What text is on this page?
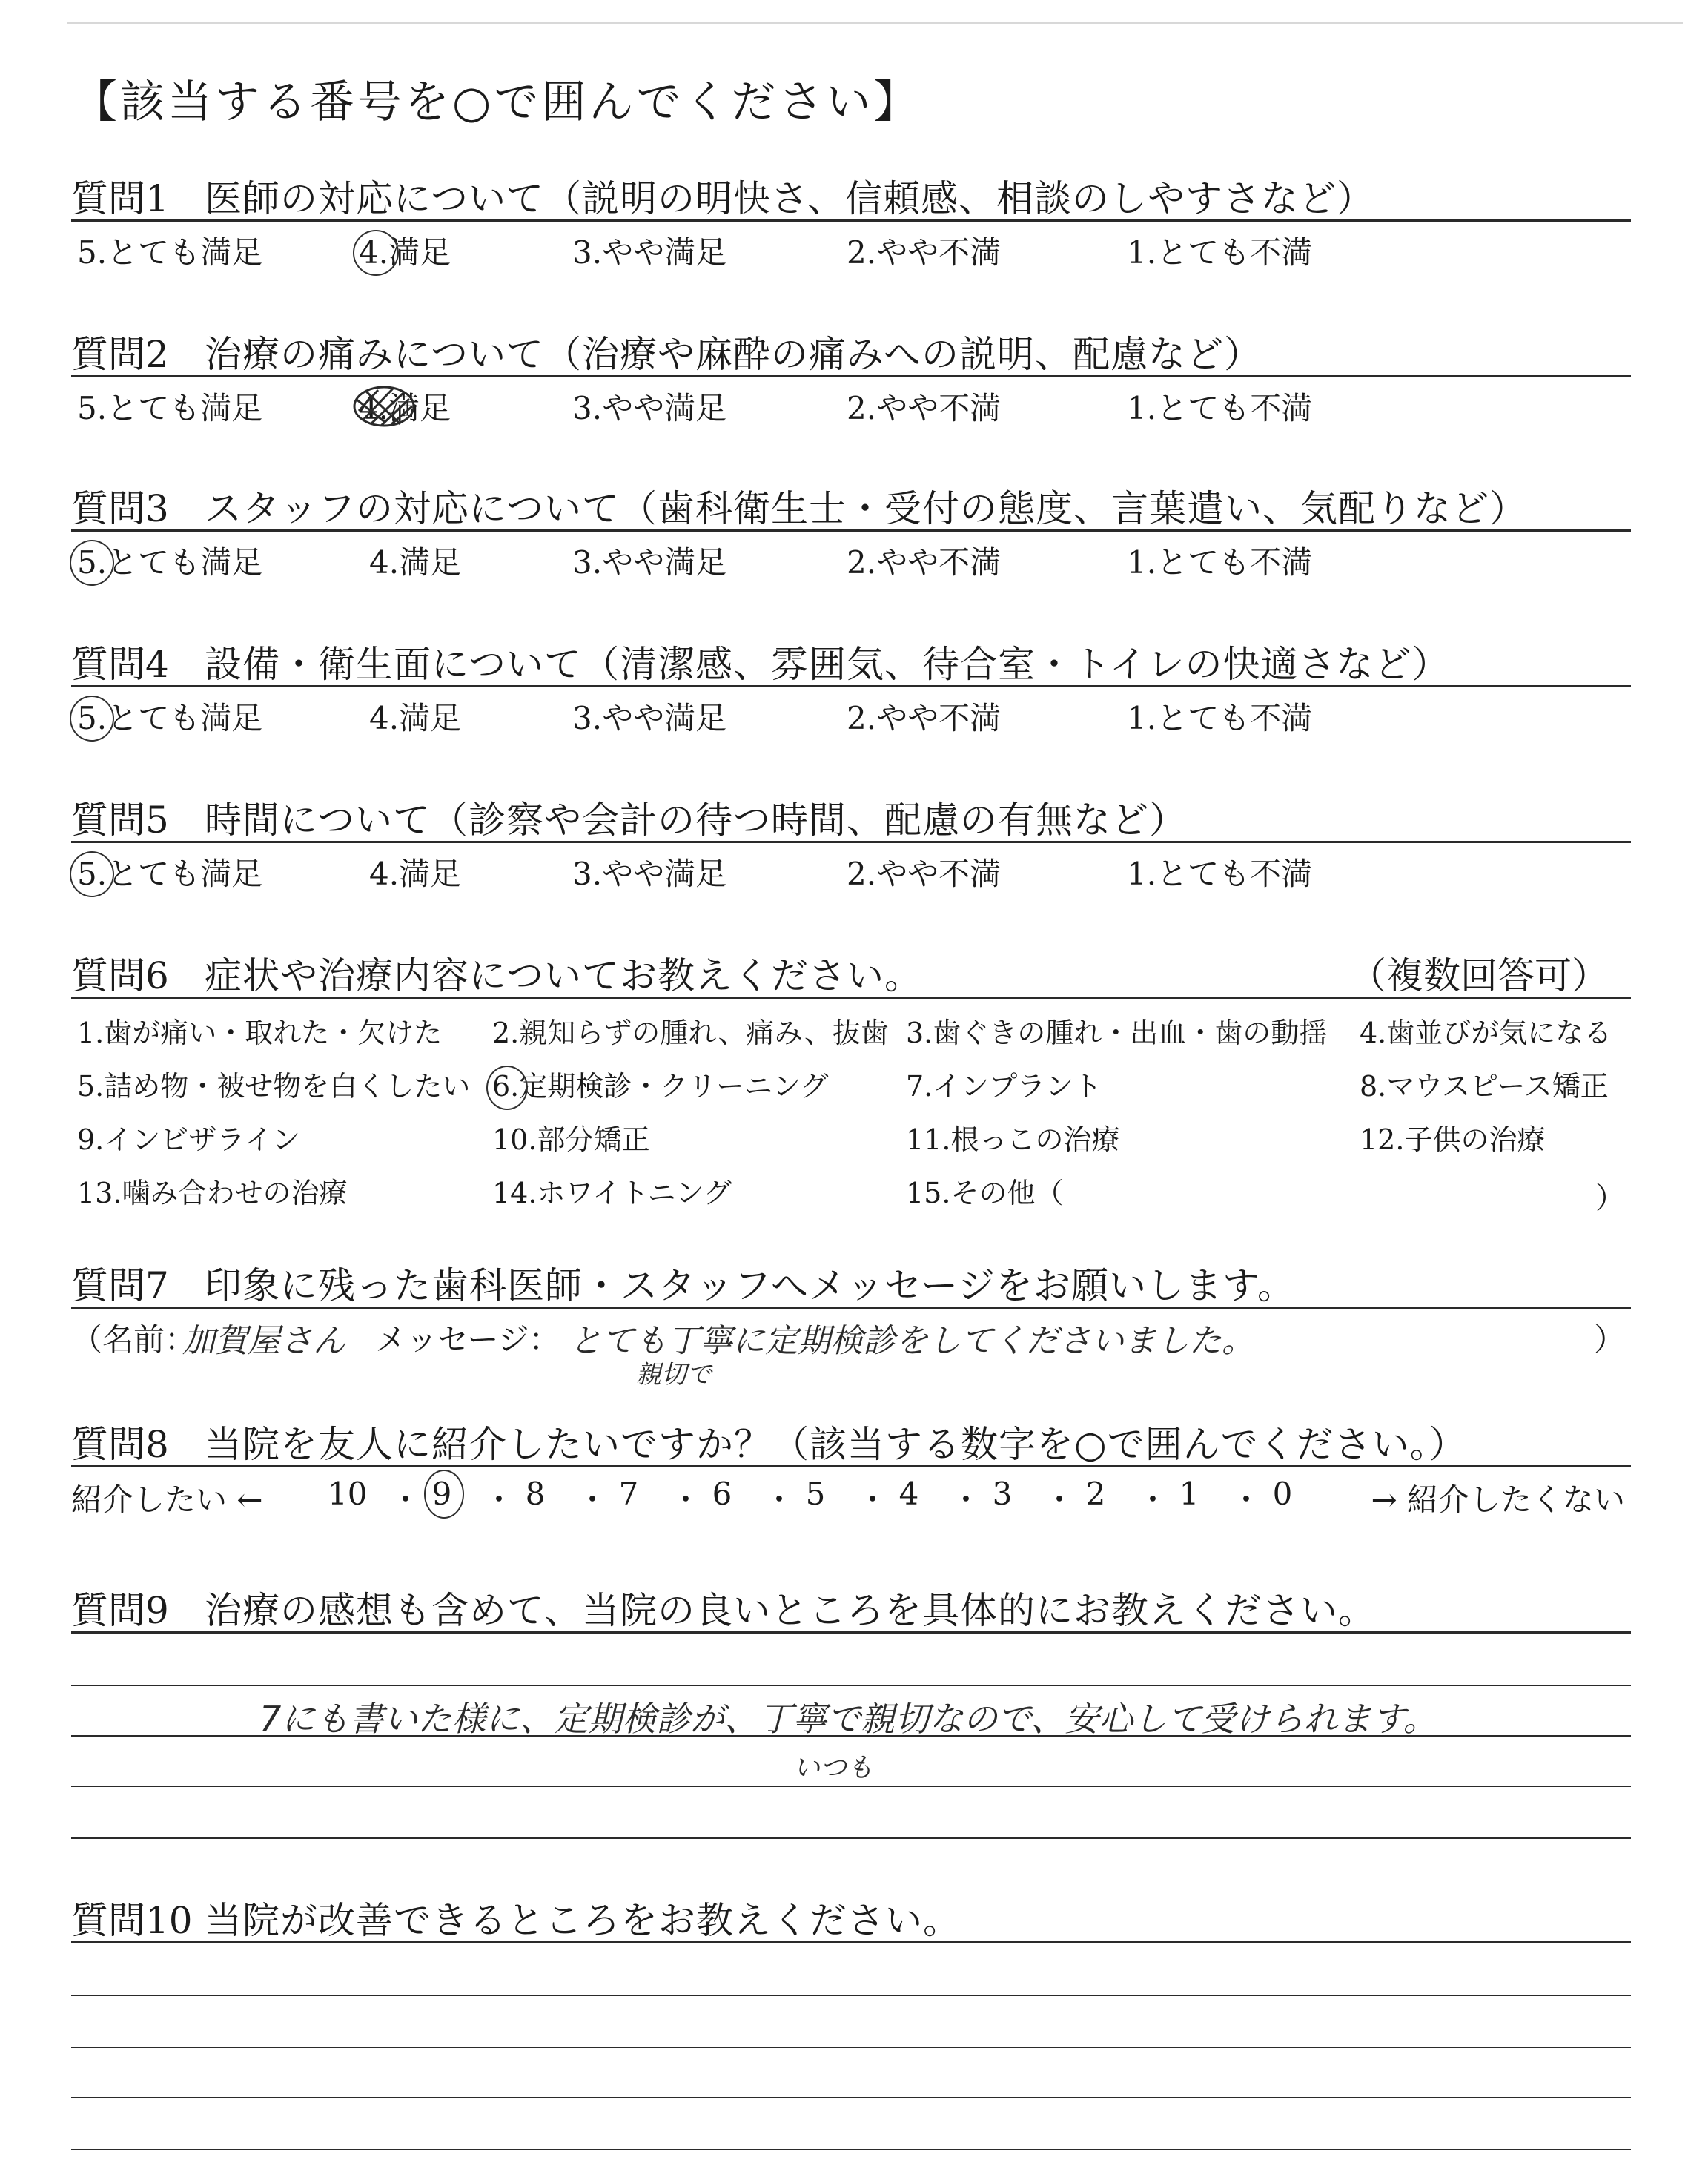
【該当する番号を○で囲んでください】
質問1 医師の対応について（説明の明快さ、信頼感、相談のしやすさなど）
5.とても満足	4.満足	3.やや満足	2.やや不満	1.とても不満
質問2 治療の痛みについて（治療や麻酔の痛みへの説明、配慮など）
5.とても満足	4.満足	3.やや満足	2.やや不満	1.とても不満
質問3 スタッフの対応について（歯科衛生士・受付の態度、言葉遣い、気配りなど）
5.とても満足	4.満足	3.やや満足	2.やや不満	1.とても不満
質問4 設備・衛生面について（清潔感、雰囲気、待合室・トイレの快適さなど）
5.とても満足	4.満足	3.やや満足	2.やや不満	1.とても不満
質問5 時間について（診察や会計の待つ時間、配慮の有無など）
5.とても満足	4.満足	3.やや満足	2.やや不満	1.とても不満
質問6 症状や治療内容についてお教えください。	（複数回答可）
1.歯が痛い・取れた・欠けた 2.親知らずの腫れ、痛み、抜歯 3.歯ぐきの腫れ・出血・歯の動揺 4.歯並びが気になる
5.詰め物・被せ物を白くしたい 6.定期検診・クリーニング	7.インプラント	8.マウスピース矯正
9.インビザライン	10.部分矯正	11.根っこの治療	12.子供の治療
13.噛み合わせの治療	14.ホワイトニング	15.その他（	）
質問7 印象に残った歯科医師・スタッフへメッセージをお願いします。
（名前：
加賀屋さん メッセージ： とても丁寧に定期検診をしてくださいました。
親切で
）
質問8 当院を友人に紹介したいですか？（該当する数字を○で囲んでください。）
紹介したい ← 10 ・ 9 ・ 8 ・ 7 ・ 6 ・ 5 ・ 4 ・ 3 ・ 2 ・ 1 ・ 0	→ 紹介したくない
質問9 治療の感想も含めて、当院の良いところを具体的にお教えください。
7にも書いた様に、定期検診が、丁寧で親切なので、安心して受けられます。
いつも
質問10 当院が改善できるところをお教えください。
